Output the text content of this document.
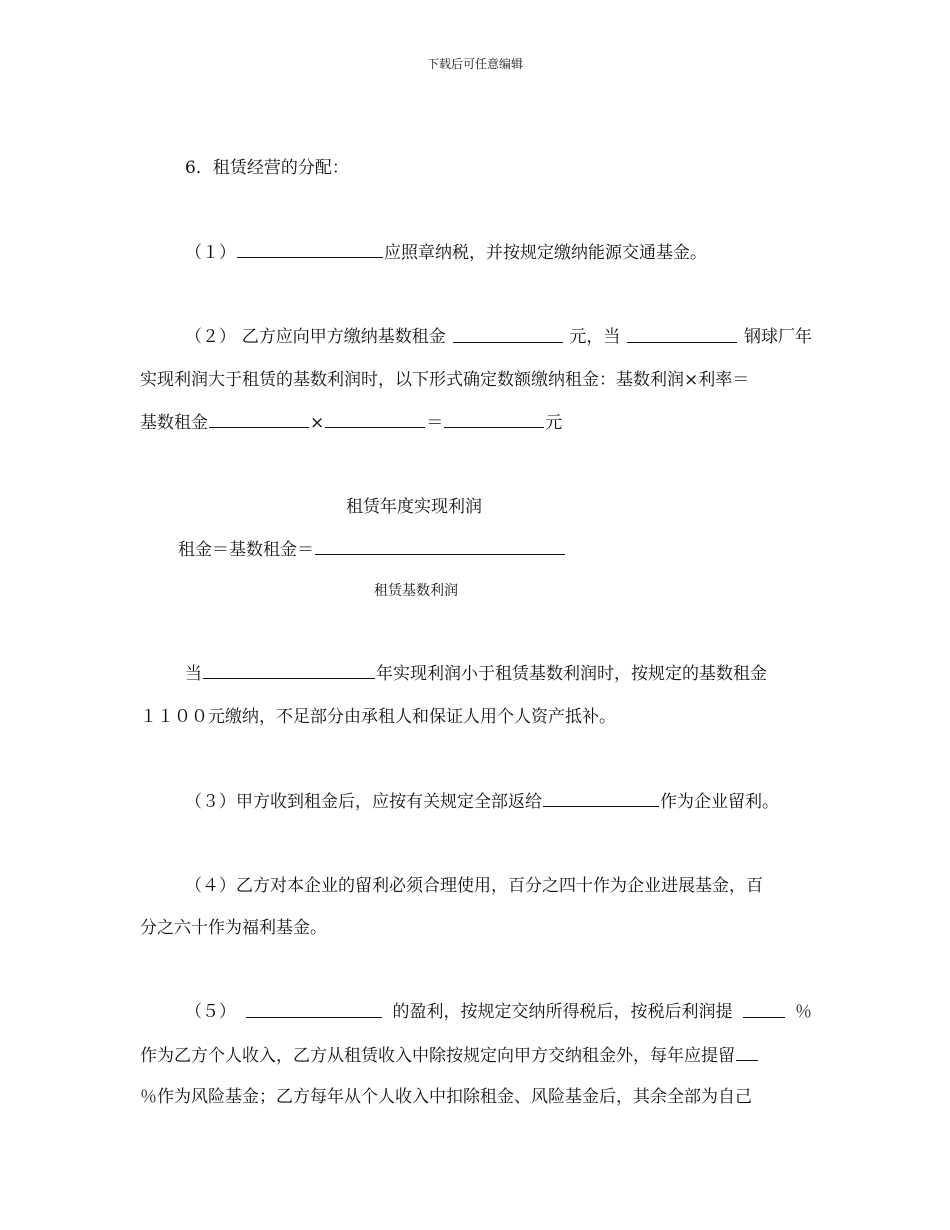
下载后可任意编辑
6．租赁经营的分配：
（１）	应照章纳税，并按规定缴纳能源交通基金。
（２） 乙方应向甲方缴纳基数租金	元，当	钢球厂年
实现利润大于租赁的基数利润时，以下形式确定数额缴纳租金：基数利润×利率＝
基数租金	×	＝	元
租赁年度实现利润
租金＝基数租金＝
租赁基数利润
当	年实现利润小于租赁基数利润时，按规定的基数租金
１１００元缴纳，不足部分由承租人和保证人用个人资产抵补。
（３）甲方收到租金后，应按有关规定全部返给	作为企业留利。
（４）乙方对本企业的留利必须合理使用，百分之四十作为企业进展基金，百
分之六十作为福利基金。
（５）	的盈利，按规定交纳所得税后，按税后利润提	％
作为乙方个人收入，乙方从租赁收入中除按规定向甲方交纳租金外，每年应提留
％作为风险基金；乙方每年从个人收入中扣除租金、风险基金后，其余全部为自己
